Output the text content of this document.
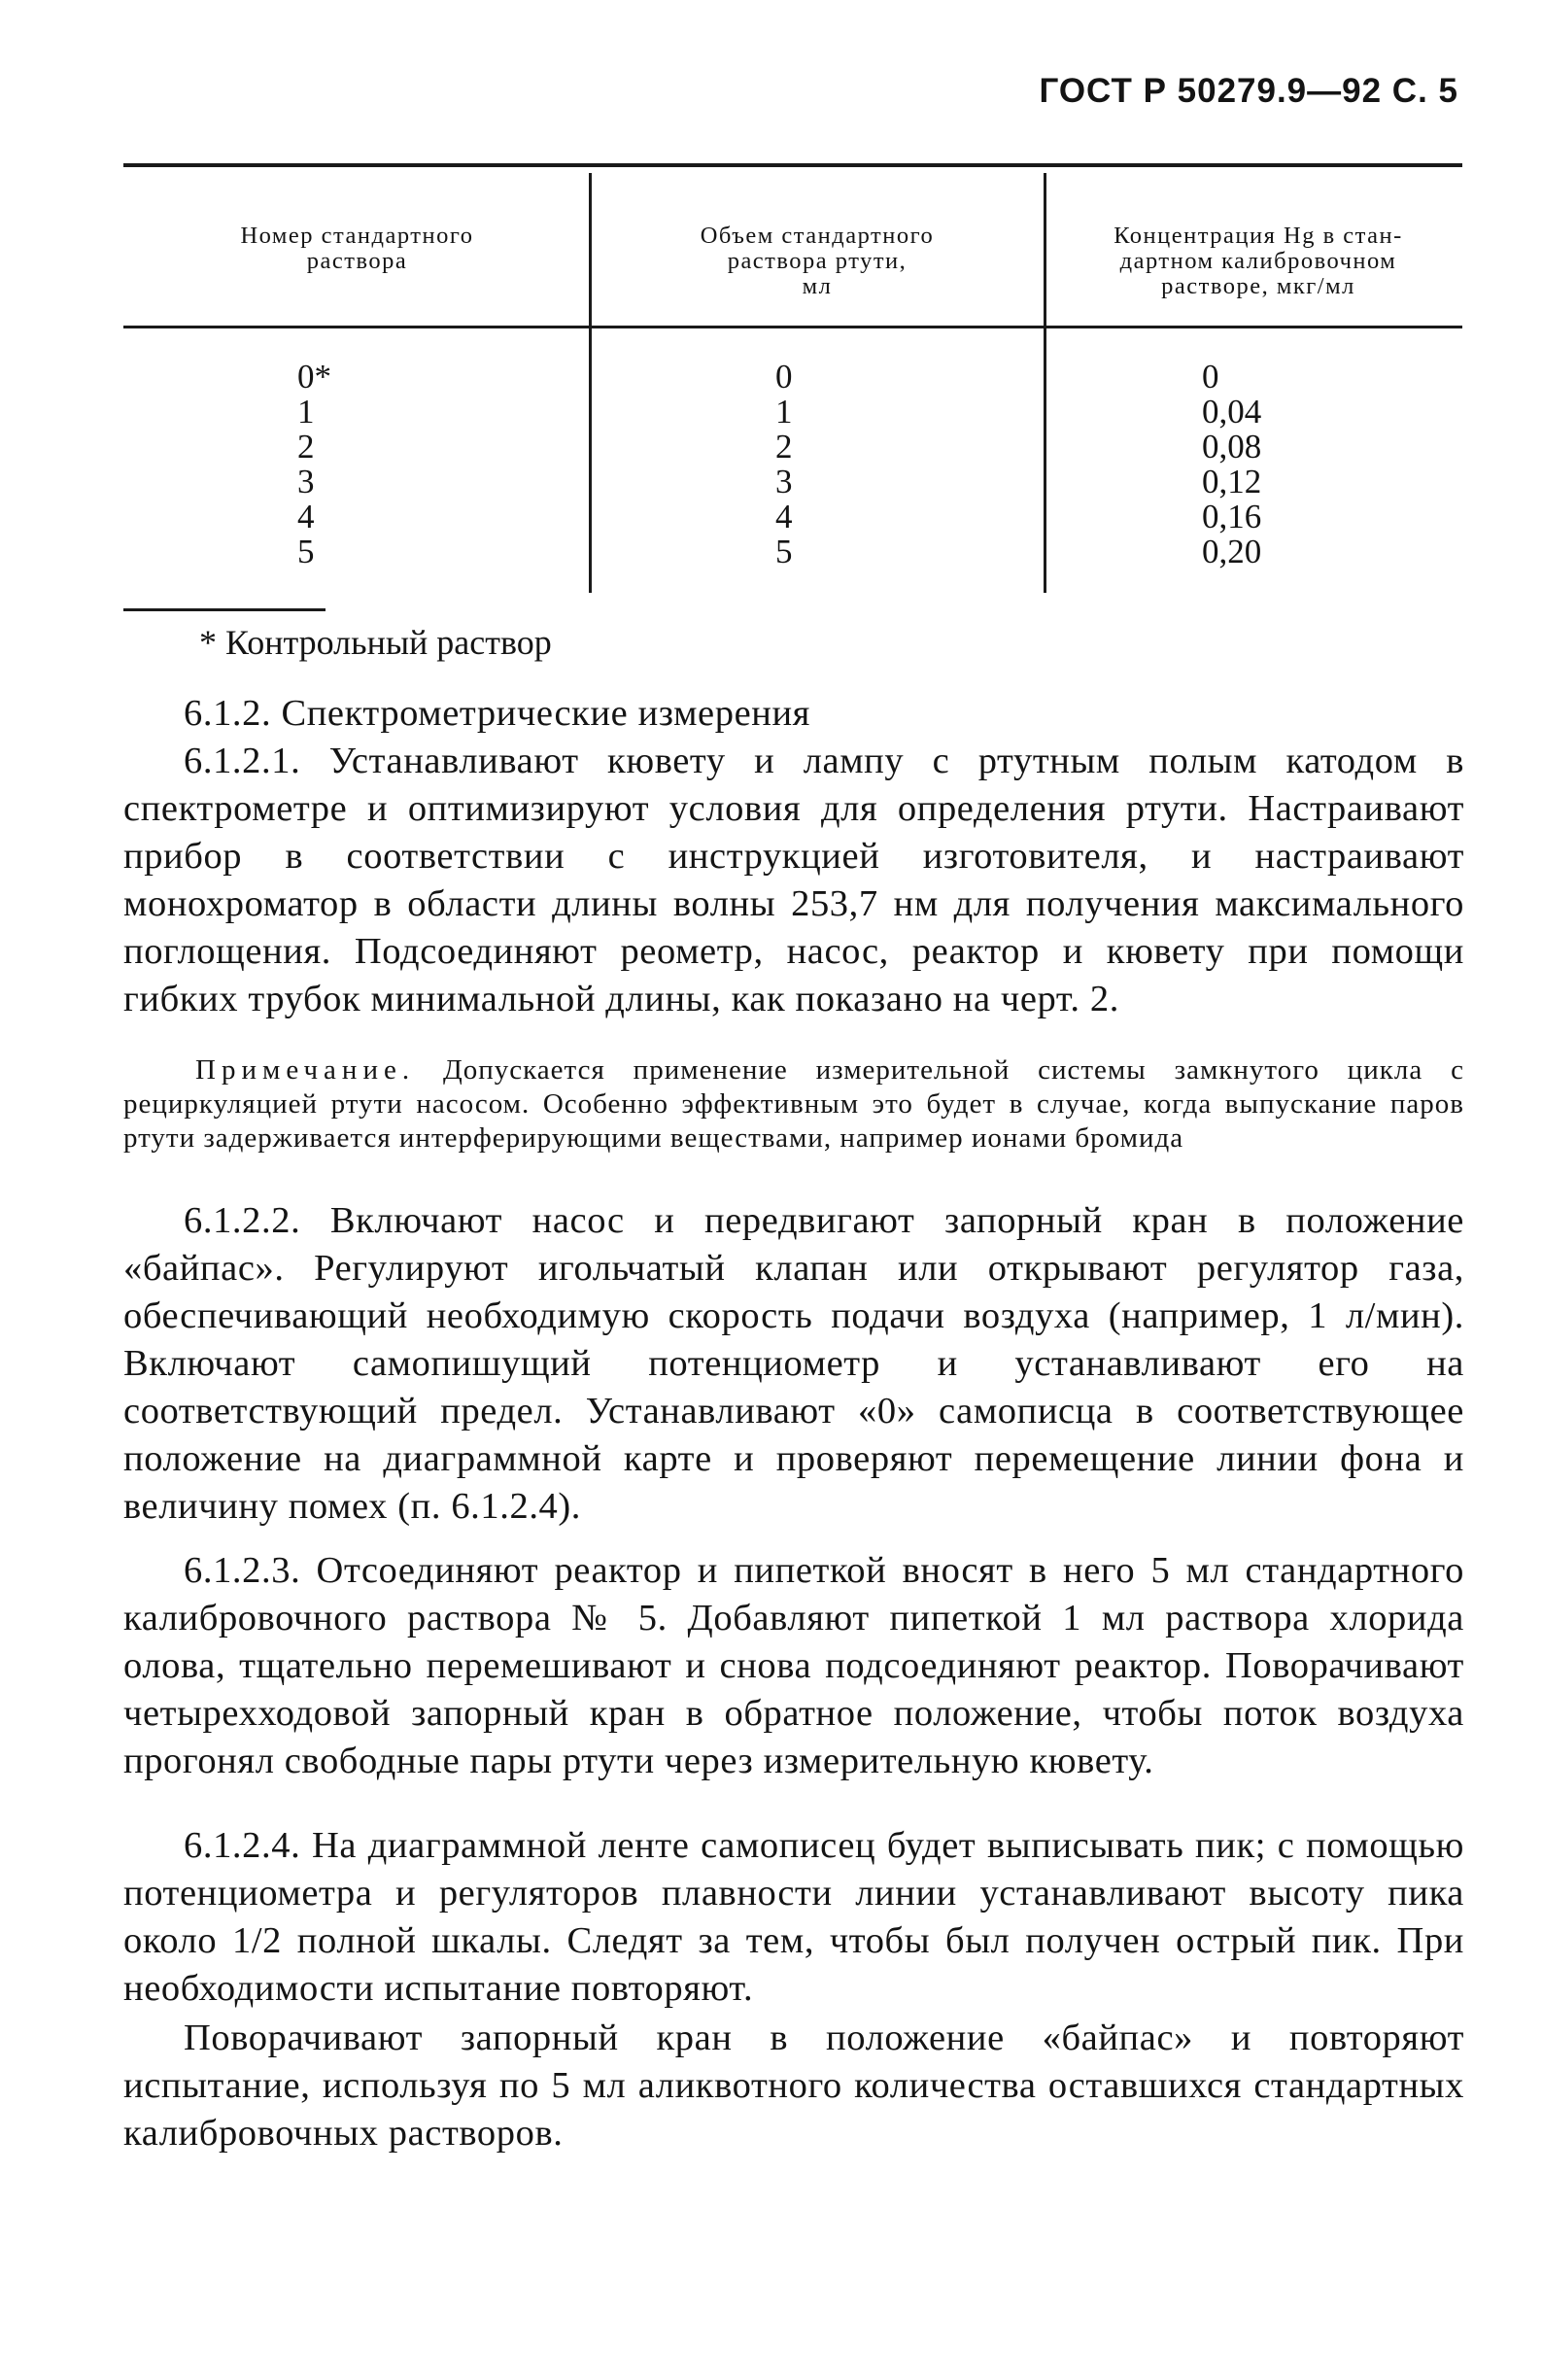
ГОСТ Р 50279.9—92 С. 5
Номер стандартного
раствора
Объем стандартного
раствора ртути,
мл
Концентрация Hg в стан-
дартном калибровочном
растворе, мкг/мл
0*
1
2
3
4
5
0
1
2
3
4
5
0
0,04
0,08
0,12
0,16
0,20
* Контрольный раствор

6.1.2. Спектрометрические измерения

6.1.2.1. Устанавливают кювету и лампу с ртутным полым катодом в спектрометре и оптимизируют условия для определения ртути. Настраивают прибор в соответствии с инструкцией изготовителя, и настраивают монохроматор в области длины волны 253,7 нм для получения максимального поглощения. Подсоединяют реометр, насос, реактор и кювету при помощи гибких трубок минимальной длины, как показано на черт. 2.

Примечание. Допускается применение измерительной системы замкнутого цикла с рециркуляцией ртути насосом. Особенно эффективным это будет в случае, когда выпускание паров ртути задерживается интерферирующими веществами, например ионами бромида

6.1.2.2. Включают насос и передвигают запорный кран в положение «байпас». Регулируют игольчатый клапан или открывают регулятор газа, обеспечивающий необходимую скорость подачи воздуха (например, 1 л/мин). Включают самопишущий потенциометр и устанавливают его на соответствующий предел. Устанавливают «0» самописца в соответствующее положение на диаграммной карте и проверяют перемещение линии фона и величину помех (п. 6.1.2.4).

6.1.2.3. Отсоединяют реактор и пипеткой вносят в него 5 мл стандартного калибровочного раствора № 5. Добавляют пипеткой 1 мл раствора хлорида олова, тщательно перемешивают и снова подсоединяют реактор. Поворачивают четырехходовой запорный кран в обратное положение, чтобы поток воздуха прогонял свободные пары ртути через измерительную кювету.

6.1.2.4. На диаграммной ленте самописец будет выписывать пик; с помощью потенциометра и регуляторов плавности линии устанавливают высоту пика около 1/2 полной шкалы. Следят за тем, чтобы был получен острый пик. При необходимости испытание повторяют.

Поворачивают запорный кран в положение «байпас» и повторяют испытание, используя по 5 мл аликвотного количества оставшихся стандартных калибровочных растворов.
